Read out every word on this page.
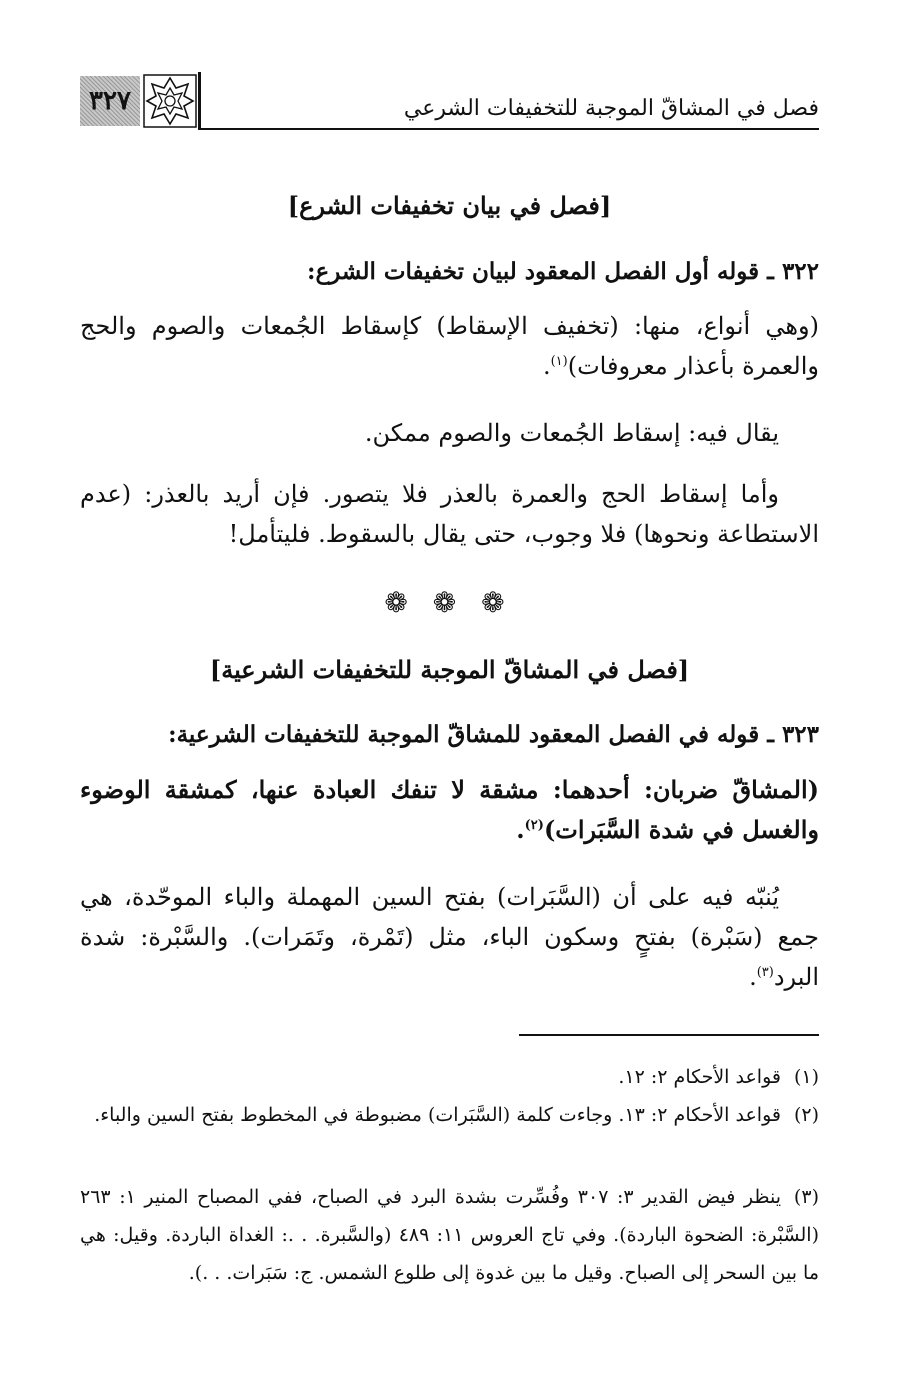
فصل في المشاقّ الموجبة للتخفيفات الشرعي
٣٢٧

[فصل في بيان تخفيفات الشرع]

٣٢٢ ـ قوله أول الفصل المعقود لبيان تخفيفات الشرع:

(وهي أنواع، منها: (تخفيف الإسقاط) كإسقاط الجُمعات والصوم والحج والعمرة بأعذار معروفات)$^{(١)}$.

يقال فيه: إسقاط الجُمعات والصوم ممكن.

وأما إسقاط الحج والعمرة بالعذر فلا يتصور. فإن أريد بالعذر: (عدم الاستطاعة ونحوها) فلا وجوب، حتى يقال بالسقوط. فليتأمل!

❁ ❁ ❁

[فصل في المشاقّ الموجبة للتخفيفات الشرعية]

٣٢٣ ـ قوله في الفصل المعقود للمشاقّ الموجبة للتخفيفات الشرعية:

(المشاقّ ضربان: أحدهما: مشقة لا تنفك العبادة عنها، كمشقة الوضوء والغسل في شدة السَّبَرات)$^{(٢)}$.

يُنبّه فيه على أن (السَّبَرات) بفتح السين المهملة والباء الموحّدة، هي جمع (سَبْرة) بفتحٍ وسكون الباء، مثل (تَمْرة، وتَمَرات). والسَّبْرة: شدة البرد$^{(٣)}$.

(١)قواعد الأحكام ٢: ١٢.
(٢)قواعد الأحكام ٢: ١٣. وجاءت كلمة (السَّبَرات) مضبوطة في المخطوط بفتح السين والباء.
(٣)ينظر فيض القدير ٣: ٣٠٧ وفُسِّرت بشدة البرد في الصباح، ففي المصباح المنير ١: ٢٦٣ (السَّبْرة: الضحوة الباردة). وفي تاج العروس ١١: ٤٨٩ (والسَّبرة. . .: الغداة الباردة. وقيل: هي ما بين السحر إلى الصباح. وقيل ما بين غدوة إلى طلوع الشمس. ج: سَبَرات. . .).
